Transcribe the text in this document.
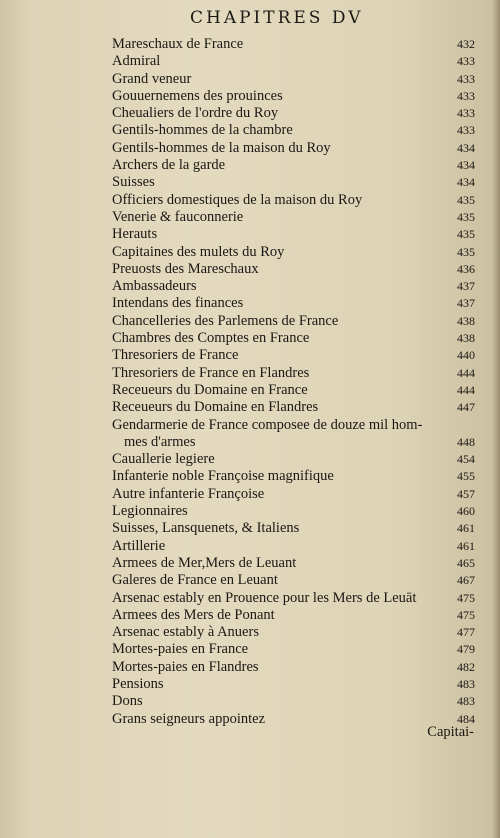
CHAPITRES DV
Mareschaux de France	432
Admiral	433
Grand veneur	433
Gouuernemens des prouinces	433
Cheualiers de l'ordre du Roy	433
Gentils-hommes de la chambre	433
Gentils-hommes de la maison du Roy	434
Archers de la garde	434
Suisses	434
Officiers domestiques de la maison du Roy	435
Venerie & fauconnerie	435
Herauts	435
Capitaines des mulets du Roy	435
Preuosts des Mareschaux	436
Ambassadeurs	437
Intendans des finances	437
Chancelleries des Parlemens de France	438
Chambres des Comptes en France	438
Thresoriers de France	440
Thresoriers de France en Flandres	444
Receueurs du Domaine en France	444
Receueurs du Domaine en Flandres	447
Gendarmerie de France composee de douze mil hom-
mes d'armes	448
Cauallerie legiere	454
Infanterie noble Françoise magnifique	455
Autre infanterie Françoise	457
Legionnaires	460
Suisses, Lansquenets, & Italiens	461
Artillerie	461
Armees de Mer,Mers de Leuant	465
Galeres de France en Leuant	467
Arsenac estably en Prouence pour les Mers de Leuāt	475
Armees des Mers de Ponant	475
Arsenac estably à Anuers	477
Mortes-paies en France	479
Mortes-paies en Flandres	482
Pensions	483
Dons	483
Grans seigneurs appointez	484
Capitai-
